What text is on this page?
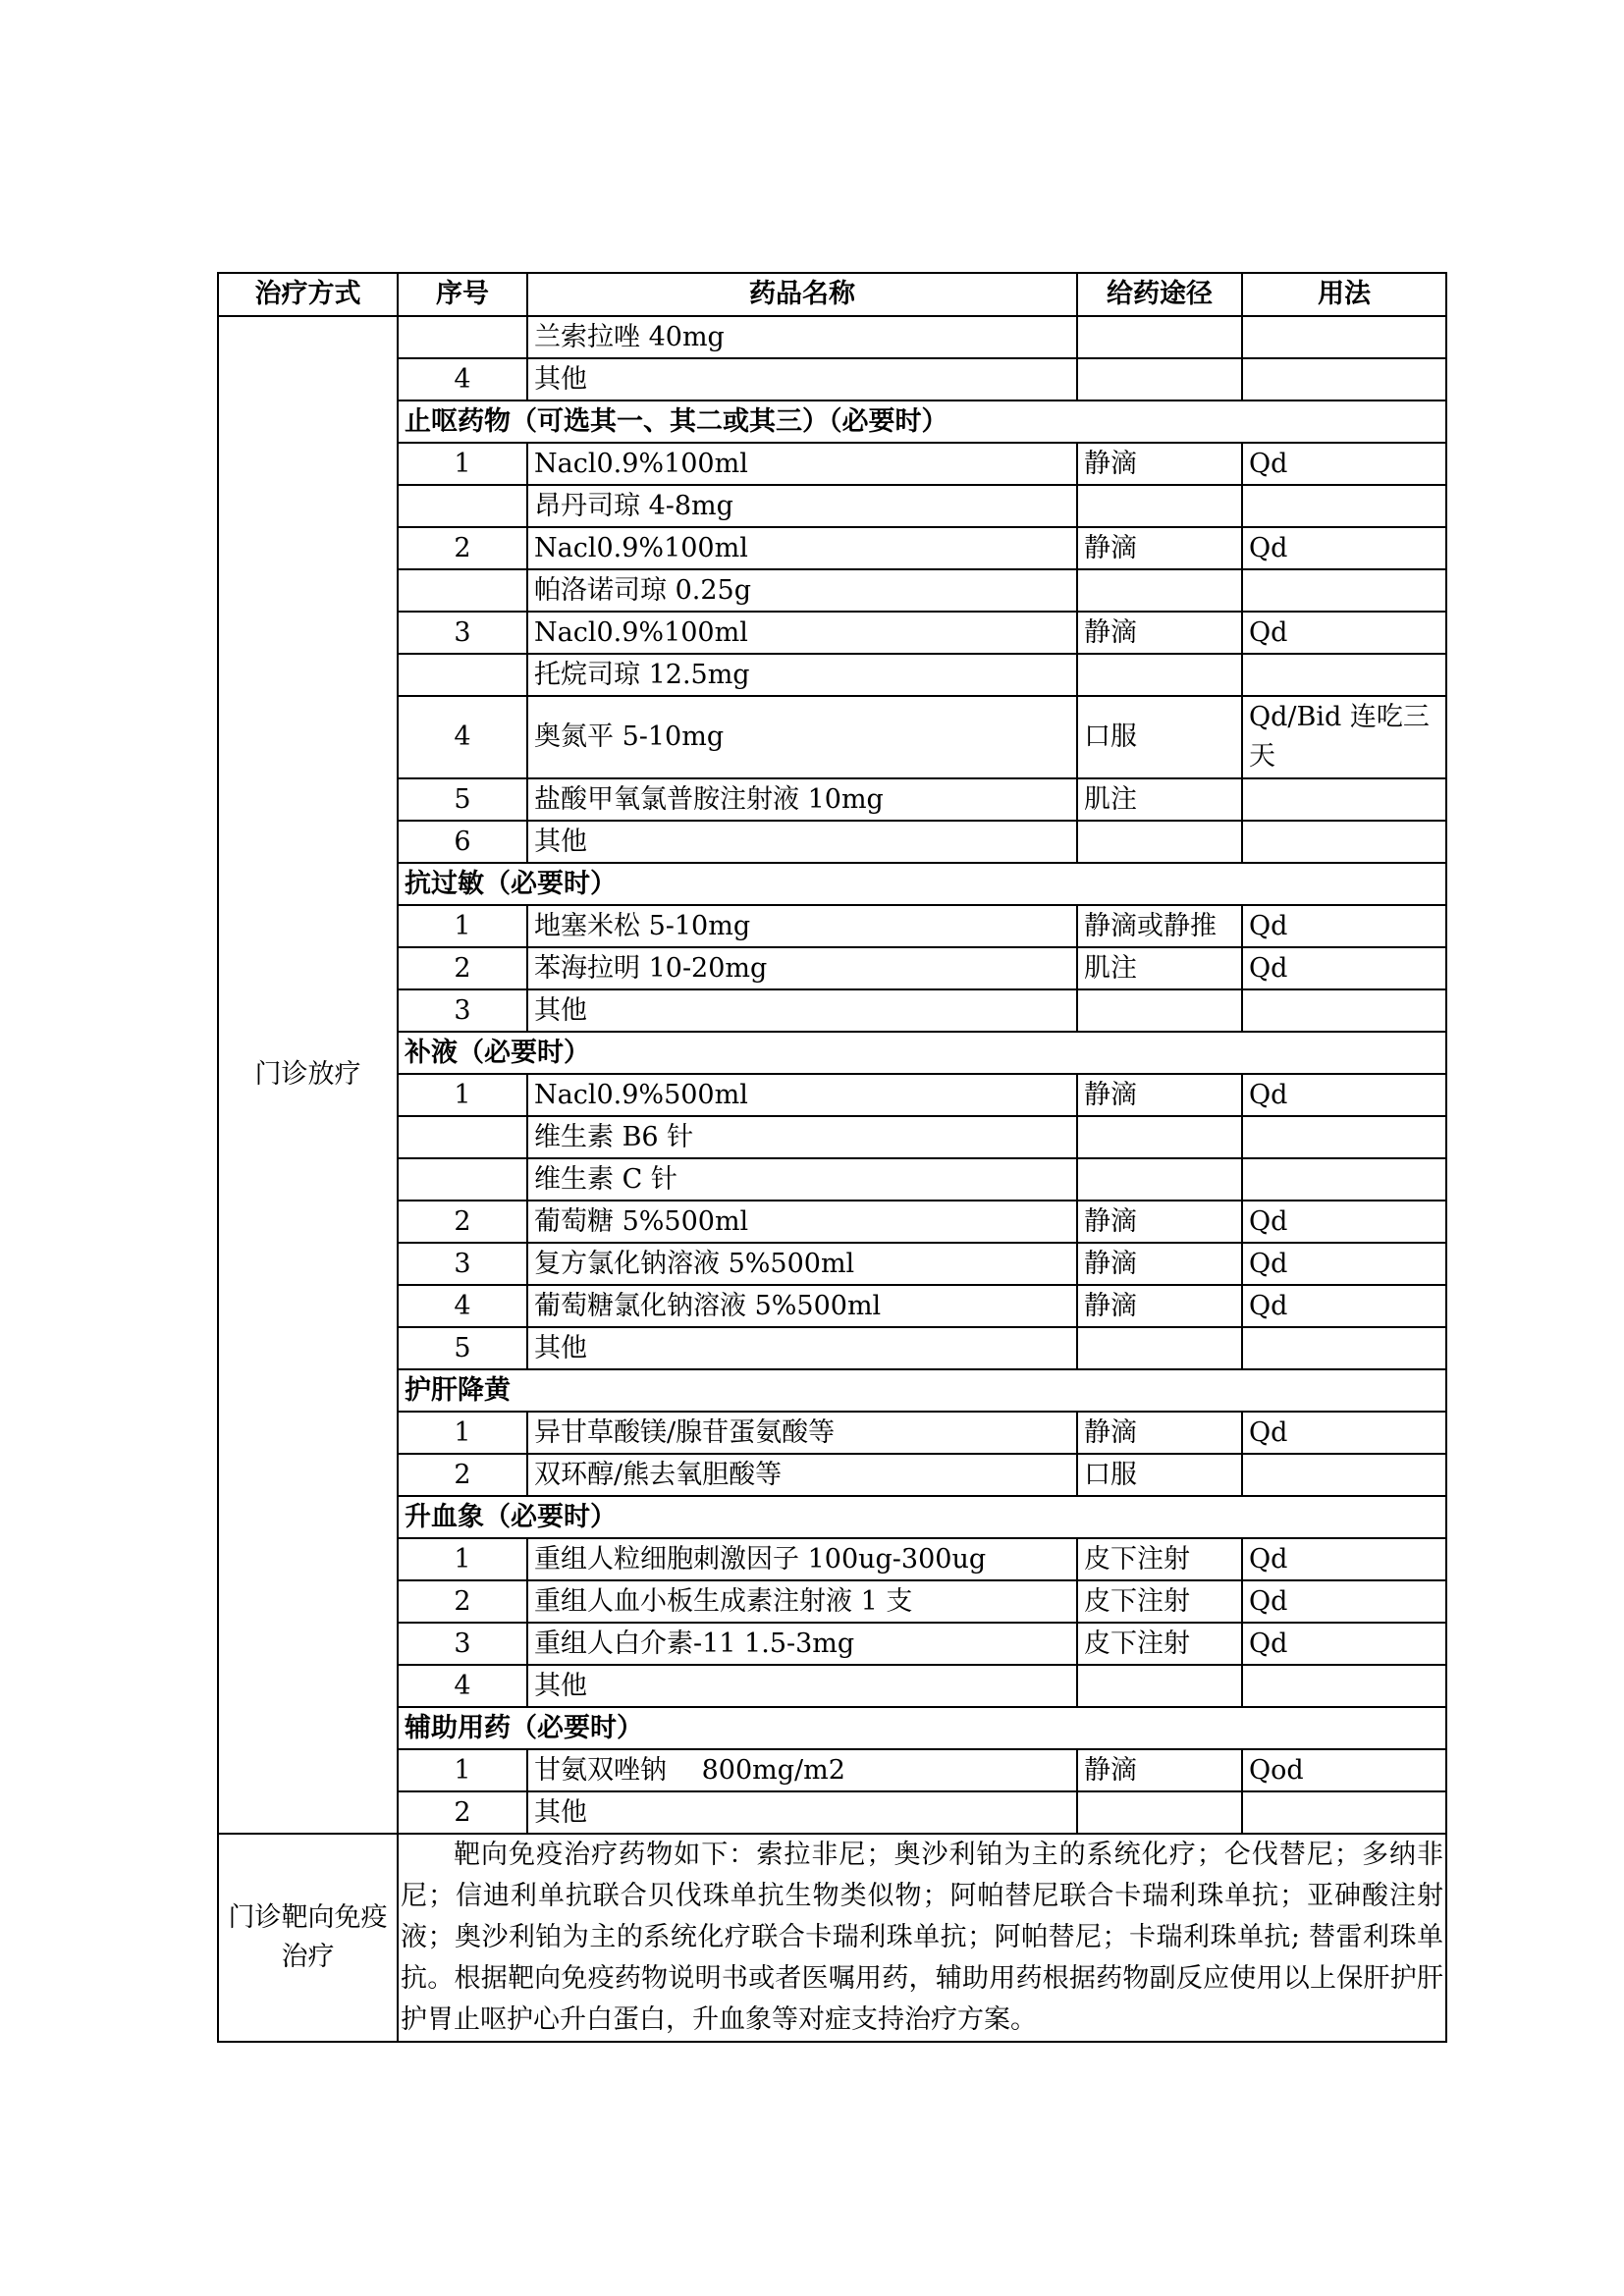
治疗方式	序号	药品名称	给药途径	用法
门诊放疗		兰索拉唑 40mg		
	4	其他		
	止呕药物（可选其一、其二或其三）（必要时）			
	1	Nacl0.9%100ml	静滴	Qd
		昂丹司琼 4-8mg		
	2	Nacl0.9%100ml	静滴	Qd
		帕洛诺司琼 0.25g		
	3	Nacl0.9%100ml	静滴	Qd
		托烷司琼 12.5mg		
	4	奥氮平 5-10mg	口服	Qd/Bid 连吃三天
	5	盐酸甲氧氯普胺注射液 10mg	肌注	
	6	其他		
	抗过敏（必要时）			
	1	地塞米松 5-10mg	静滴或静推	Qd
	2	苯海拉明 10-20mg	肌注	Qd
	3	其他		
	补液（必要时）			
	1	Nacl0.9%500ml	静滴	Qd
		维生素 B6 针		
		维生素 C 针		
	2	葡萄糖 5%500ml	静滴	Qd
	3	复方氯化钠溶液 5%500ml	静滴	Qd
	4	葡萄糖氯化钠溶液 5%500ml	静滴	Qd
	5	其他		
	护肝降黄			
	1	异甘草酸镁/腺苷蛋氨酸等	静滴	Qd
	2	双环醇/熊去氧胆酸等	口服	
	升血象（必要时）			
	1	重组人粒细胞刺激因子 100ug-300ug	皮下注射	Qd
	2	重组人血小板生成素注射液 1 支	皮下注射	Qd
	3	重组人白介素-11 1.5-3mg	皮下注射	Qd
	4	其他		
	辅助用药（必要时）			
	1	甘氨双唑钠　 800mg/m2	静滴	Qod
	2	其他		
门诊靶向免疫治疗	靶向免疫治疗药物如下：索拉非尼；奥沙利铂为主的系统化疗；仑伐替尼；多纳非尼；信迪利单抗联合贝伐珠单抗生物类似物；阿帕替尼联合卡瑞利珠单抗；亚砷酸注射液；奥沙利铂为主的系统化疗联合卡瑞利珠单抗；阿帕替尼；卡瑞利珠单抗; 替雷利珠单抗。根据靶向免疫药物说明书或者医嘱用药，辅助用药根据药物副反应使用以上保肝护肝护胃止呕护心升白蛋白，升血象等对症支持治疗方案。			
